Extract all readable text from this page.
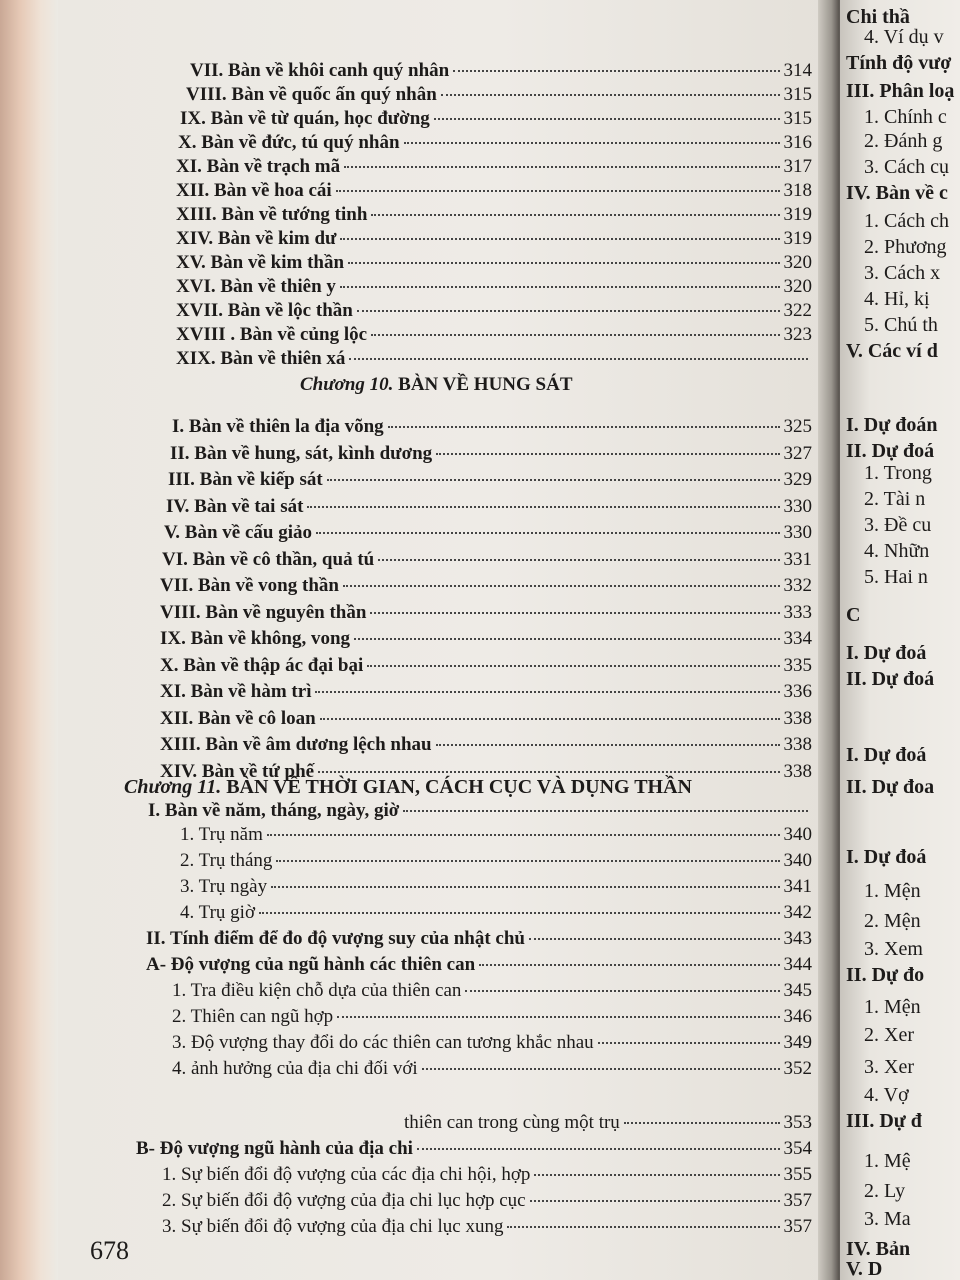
Chi thầ
4. Ví dụ v
Tính độ vượ
III. Phân loạ
1. Chính c
2. Đánh g
3. Cách cụ
IV. Bàn về c
1. Cách ch
2. Phương
3. Cách x
4. Hỉ, kị
5. Chú th
V. Các ví d
I. Dự đoán
II. Dự đoá
1. Trong
2. Tài n
3. Đề cu
4. Nhữn
5. Hai n
C
I. Dự đoá
II. Dự đoá
I. Dự đoá
II. Dự đoa
I. Dự đoá
1. Mện
2. Mện
3. Xem
II. Dự đo
1. Mện
2. Xer
3. Xer
4. Vợ
III. Dự đ
1. Mệ
2. Ly
3. Ma
IV. Bản
V. D
Chương 10. BÀN VỀ HUNG SÁT
Chương 11. BÀN VỀ THỜI GIAN, CÁCH CỤC VÀ DỤNG THẦN
678
VII. Bàn về khôi canh quý nhân	314
VIII. Bàn về quốc ấn quý nhân	315
IX. Bàn về từ quán, học đường	315
X. Bàn về đức, tú quý nhân	316
XI. Bàn về trạch mã	317
XII. Bàn về hoa cái	318
XIII. Bàn về tướng tinh	319
XIV. Bàn về kim dư	319
XV. Bàn về kim thần	320
XVI. Bàn về thiên y	320
XVII. Bàn về lộc thần	322
XVIII . Bàn về củng lộc	323
XIX. Bàn về thiên xá
I. Bàn về thiên la địa võng	325
II. Bàn về hung, sát, kình dương	327
III. Bàn về kiếp sát	329
IV. Bàn về tai sát	330
V. Bàn về cấu giảo	330
VI. Bàn về cô thần, quả tú	331
VII. Bàn về vong thần	332
VIII. Bàn về nguyên thần	333
IX. Bàn về không, vong	334
X. Bàn về thập ác đại bại	335
XI. Bàn về hàm trì	336
XII. Bàn về cô loan	338
XIII. Bàn về âm dương lệch nhau	338
XIV. Bàn về tứ phế	338
I. Bàn về năm, tháng, ngày, giờ
1. Trụ năm	340
2. Trụ tháng	340
3. Trụ ngày	341
4. Trụ giờ	342
II. Tính điểm để đo độ vượng suy của nhật chủ	343
A- Độ vượng của ngũ hành các thiên can	344
1. Tra điều kiện chỗ dựa của thiên can	345
2. Thiên can ngũ hợp	346
3. Độ vượng thay đổi do các thiên can tương khắc nhau	349
4. ảnh hưởng của địa chi đối với	352
thiên can trong cùng một trụ	353
B- Độ vượng ngũ hành của địa chi	354
1. Sự biến đổi độ vượng của các địa chi hội, hợp	355
2. Sự biến đổi độ vượng của địa chi lục hợp cục	357
3. Sự biến đổi độ vượng của địa chi lục xung	357
